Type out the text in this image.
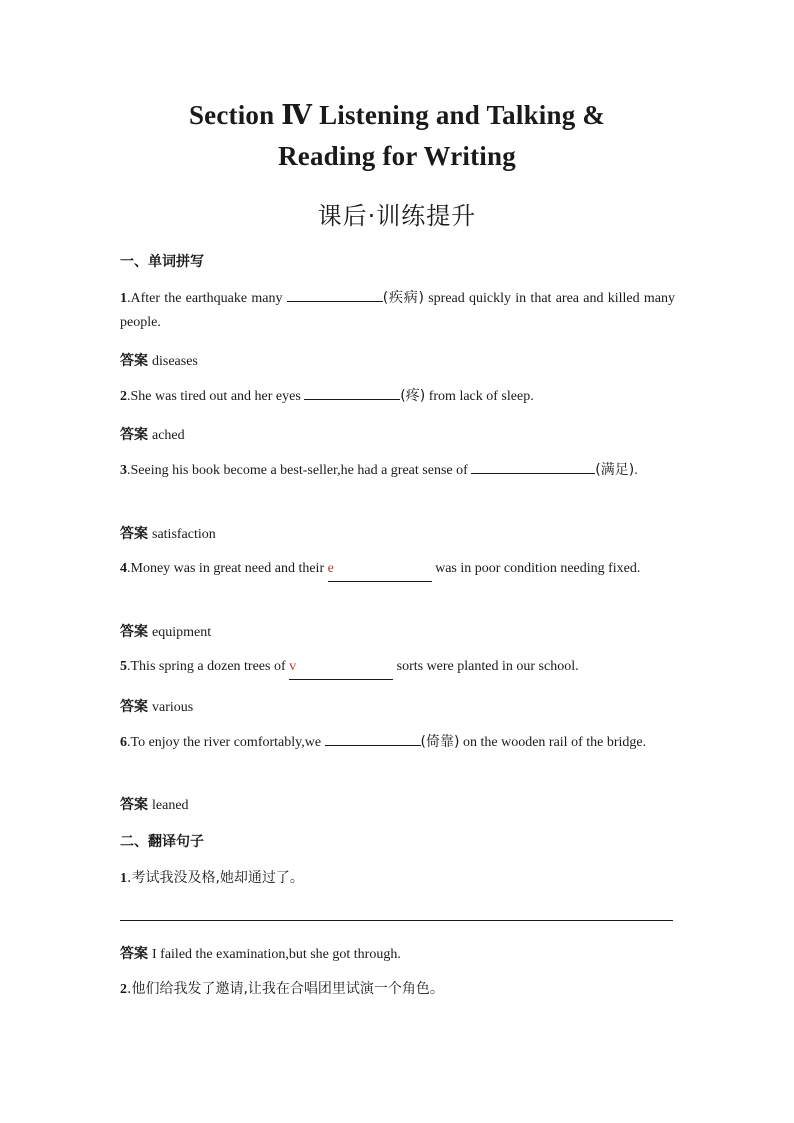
Section Ⅳ Listening and Talking &
Reading for Writing
课后·训练提升
一、单词拼写
1.After the earthquake many	(疾病) spread quickly in that area and killed many people.
答案 diseases
2.She was tired out and her eyes	(疼) from lack of sleep.
答案 ached
3.Seeing his book become a best-seller,he had a great sense of	(满足).
答案 satisfaction
4.Money was in great need and their e	was in poor condition needing fixed.
答案 equipment
5.This spring a dozen trees of v	sorts were planted in our school.
答案 various
6.To enjoy the river comfortably,we	(倚靠) on the wooden rail of the bridge.
答案 leaned
二、翻译句子
1.考试我没及格,她却通过了。
答案 I failed the examination,but she got through.
2.他们给我发了邀请,让我在合唱团里试演一个角色。
